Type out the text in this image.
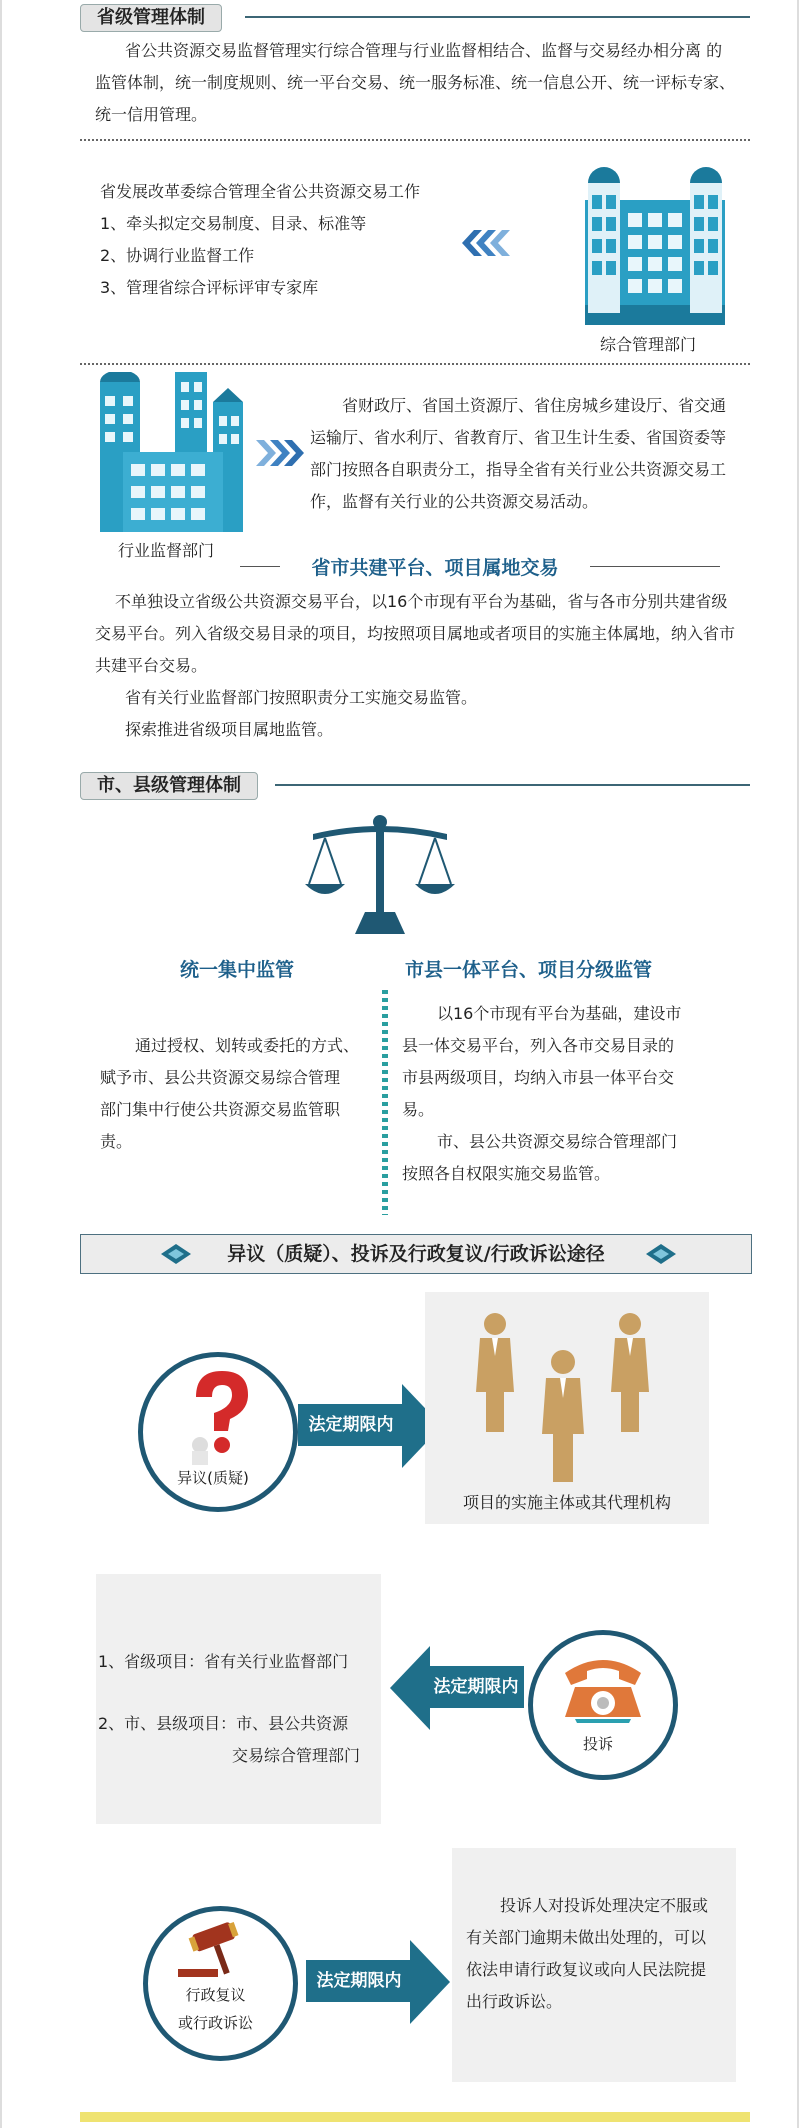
省级管理体制
省公共资源交易监督管理实行综合管理与行业监督相结合、监督与交易经办相分离 的
监管体制，统一制度规则、统一平台交易、统一服务标准、统一信息公开、统一评标专家、
统一信用管理。
省发展改革委综合管理全省公共资源交易工作
1、牵头拟定交易制度、目录、标准等
2、协调行业监督工作
3、管理省综合评标评审专家库
综合管理部门
行业监督部门
省财政厅、省国土资源厅、省住房城乡建设厅、省交通
运输厅、省水利厅、省教育厅、省卫生计生委、省国资委等
部门按照各自职责分工，指导全省有关行业公共资源交易工
作，监督有关行业的公共资源交易活动。
省市共建平台、项目属地交易
不单独设立省级公共资源交易平台，以16个市现有平台为基础，省与各市分别共建省级
交易平台。列入省级交易目录的项目，均按照项目属地或者项目的实施主体属地，纳入省市
共建平台交易。
省有关行业监督部门按照职责分工实施交易监管。
探索推进省级项目属地监管。
市、县级管理体制
统一集中监管	市县一体平台、项目分级监管
通过授权、划转或委托的方式、
赋予市、县公共资源交易综合管理
部门集中行使公共资源交易监管职
责。
以16个市现有平台为基础，建设市
县一体交易平台，列入各市交易目录的
市县两级项目，均纳入市县一体平台交
易。
市、县公共资源交易综合管理部门
按照各自权限实施交易监管。
异议（质疑）、投诉及行政复议/行政诉讼途径
异议(质疑)
法定期限内
项目的实施主体或其代理机构
1、省级项目：省有关行业监督部门
2、市、县级项目：市、县公共资源
交易综合管理部门
法定期限内
投诉
行政复议
或行政诉讼
法定期限内
投诉人对投诉处理决定不服或
有关部门逾期未做出处理的，可以
依法申请行政复议或向人民法院提
出行政诉讼。
